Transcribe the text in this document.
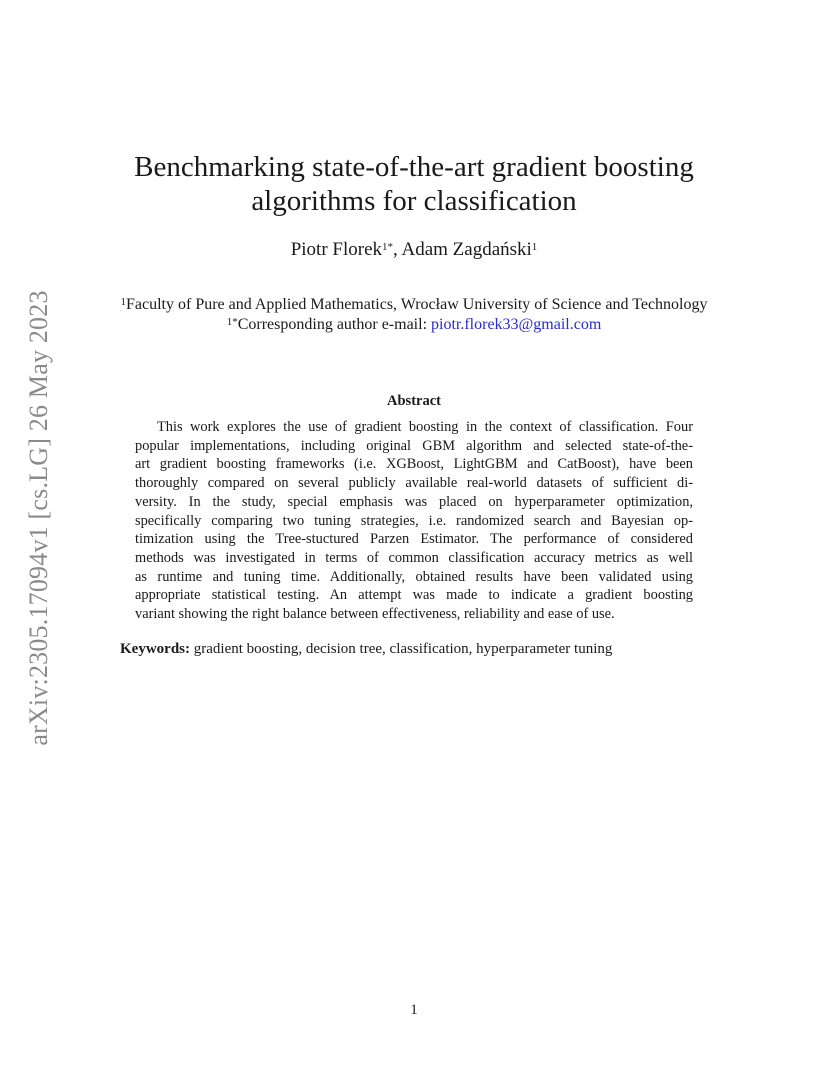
arXiv:2305.17094v1 [cs.LG] 26 May 2023
Benchmarking state-of-the-art gradient boosting
algorithms for classification
Piotr Florek$^{1*}$, Adam Zagdański$^1$
$^1$Faculty of Pure and Applied Mathematics, Wrocław University of Science and Technology
$^{1*}$Corresponding author e-mail: piotr.florek33@gmail.com
Abstract
This work explores the use of gradient boosting in the context of classification. Four
popular implementations, including original GBM algorithm and selected state-of-the-
art gradient boosting frameworks (i.e. XGBoost, LightGBM and CatBoost), have been
thoroughly compared on several publicly available real-world datasets of sufficient di-
versity. In the study, special emphasis was placed on hyperparameter optimization,
specifically comparing two tuning strategies, i.e. randomized search and Bayesian op-
timization using the Tree-stuctured Parzen Estimator. The performance of considered
methods was investigated in terms of common classification accuracy metrics as well
as runtime and tuning time. Additionally, obtained results have been validated using
appropriate statistical testing. An attempt was made to indicate a gradient boosting
variant showing the right balance between effectiveness, reliability and ease of use.
Keywords: gradient boosting, decision tree, classification, hyperparameter tuning
1
